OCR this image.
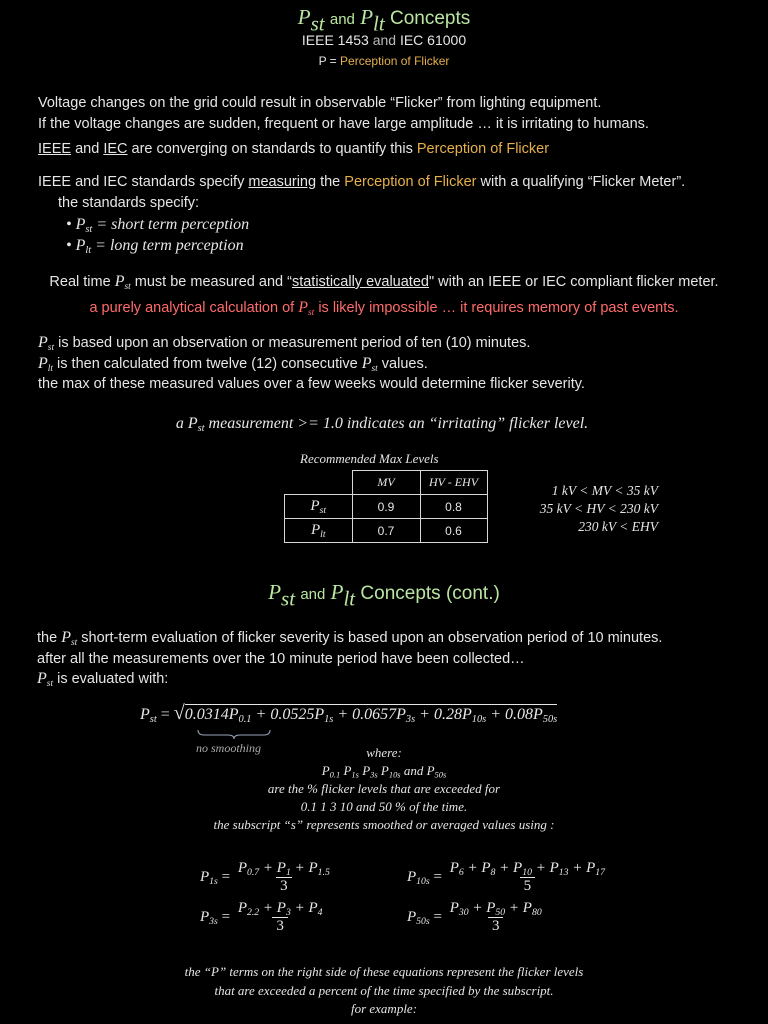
$P_{st}$ and $P_{lt}$ Concepts
IEEE 1453 and IEC 61000
P = Perception of Flicker
Voltage changes on the grid could result in observable “Flicker” from lighting equipment.
If the voltage changes are sudden, frequent or have large amplitude … it is irritating to humans.
IEEE and IEC are converging on standards to quantify this Perception of Flicker
IEEE and IEC standards specify measuring the Perception of Flicker with a qualifying “Flicker Meter”.
the standards specify:
• $P_{st}$ = short term perception
• $P_{lt}$ = long term perception
Real time $P_{st}$ must be measured and “statistically evaluated" with an IEEE or IEC compliant flicker meter.
a purely analytical calculation of $P_{st}$ is likely impossible … it requires memory of past events.
$P_{st}$ is based upon an observation or measurement period of ten (10) minutes.
$P_{lt}$ is then calculated from twelve (12) consecutive $P_{st}$ values.
the max of these measured values over a few weeks would determine flicker severity.
a $P_{st}$ measurement >= 1.0 indicates an “irritating” flicker level.
Recommended Max Levels
	MV	HV - EHV
$P_{st}$	0.9	0.8
$P_{lt}$	0.7	0.6
1 kV < MV < 35 kV
35 kV < HV < 230 kV
230 kV < EHV
$P_{st}$ and $P_{lt}$ Concepts (cont.)
the $P_{st}$ short-term evaluation of flicker severity is based upon an observation period of 10 minutes.
after all the measurements over the 10 minute period have been collected…
$P_{st}$ is evaluated with:
$P_{st} = √0.0314P_{0.1} + 0.0525P_{1s} + 0.0657P_{3s} + 0.28P_{10s} + 0.08P_{50s}$
no smoothing	where:
$P_{0.1}$ $P_{1s}$ $P_{3s}$ $P_{10s}$ and $P_{50s}$
are the % flicker levels that are exceeded for
0.1 1 3 10 and 50 % of the time.
the subscript “s” represents smoothed or averaged values using :
$P_{1s} = \frac{P_{0.7} + P_1 + P_{1.5}}{3}$
$P_{3s} = \frac{P_{2.2} + P_3 + P_4}{3}$
$P_{10s} = \frac{P_6 + P_8 + P_{10} + P_{13} + P_{17}}{5}$
$P_{50s} = \frac{P_{30} + P_{50} + P_{80}}{3}$
the “P” terms on the right side of these equations represent the flicker levels
that are exceeded a percent of the time specified by the subscript.
for example:
